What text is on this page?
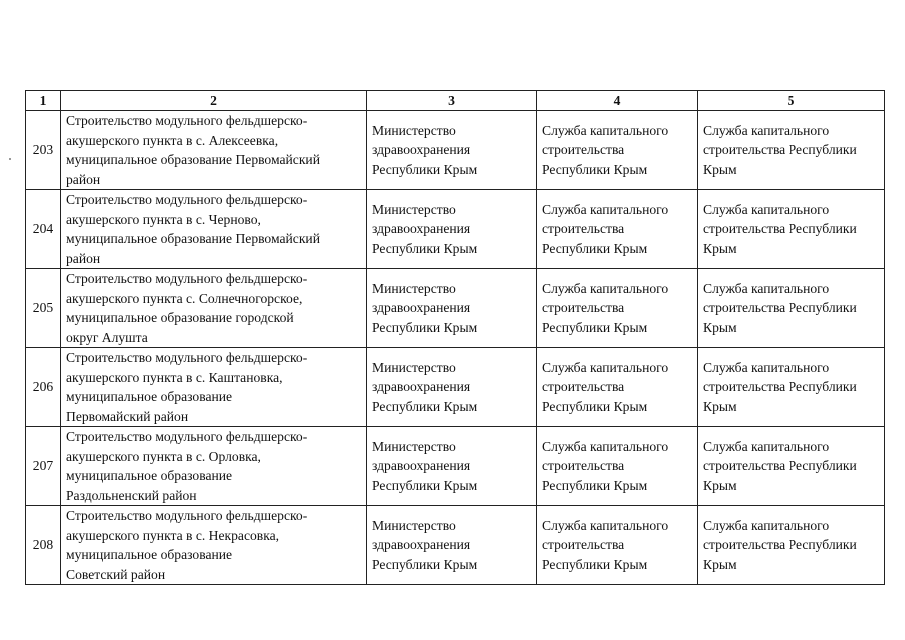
1	2	3	4	5
203	Строительство модульного фельдшерско-
акушерского пункта в с. Алексеевка,
муниципальное образование Первомайский
район	Министерство
здравоохранения
Республики Крым	Служба капитального
строительства
Республики Крым	Служба капитального
строительства Республики
Крым
204	Строительство модульного фельдшерско-
акушерского пункта в с. Черново,
муниципальное образование Первомайский
район	Министерство
здравоохранения
Республики Крым	Служба капитального
строительства
Республики Крым	Служба капитального
строительства Республики
Крым
205	Строительство модульного фельдшерско-
акушерского пункта с. Солнечногорское,
муниципальное образование городской
округ Алушта	Министерство
здравоохранения
Республики Крым	Служба капитального
строительства
Республики Крым	Служба капитального
строительства Республики
Крым
206	Строительство модульного фельдшерско-
акушерского пункта в с. Каштановка,
муниципальное образование
Первомайский район	Министерство
здравоохранения
Республики Крым	Служба капитального
строительства
Республики Крым	Служба капитального
строительства Республики
Крым
207	Строительство модульного фельдшерско-
акушерского пункта в с. Орловка,
муниципальное образование
Раздольненский район	Министерство
здравоохранения
Республики Крым	Служба капитального
строительства
Республики Крым	Служба капитального
строительства Республики
Крым
208	Строительство модульного фельдшерско-
акушерского пункта в с. Некрасовка,
муниципальное образование
Советский район	Министерство
здравоохранения
Республики Крым	Служба капитального
строительства
Республики Крым	Служба капитального
строительства Республики
Крым
